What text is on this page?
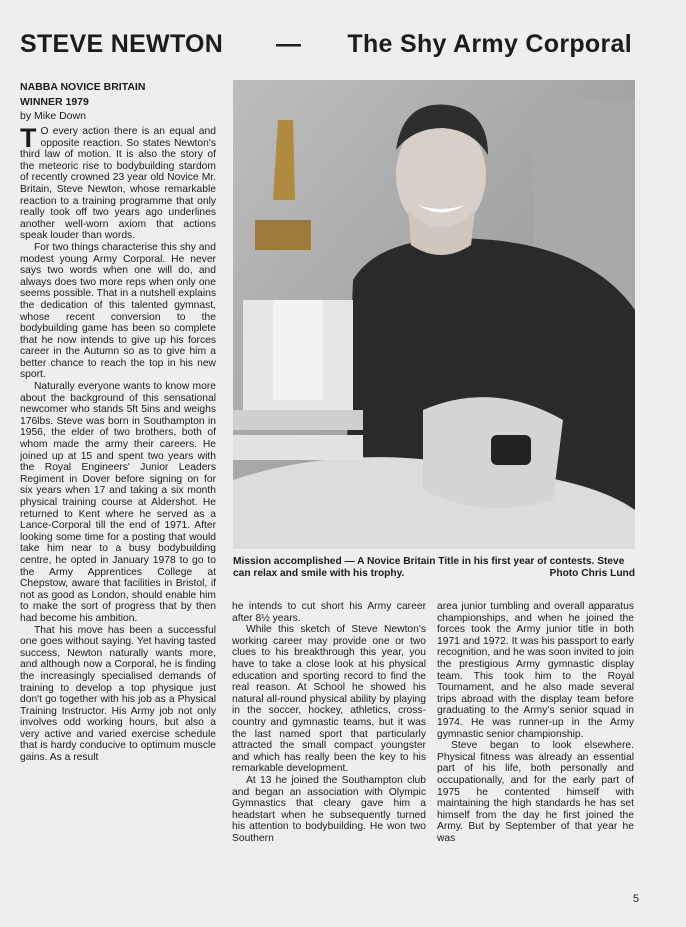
STEVE NEWTON — The Shy Army Corporal
NABBA NOVICE BRITAIN
WINNER 1979
by Mike Down

T O every action there is an equal and opposite reaction. So states Newton's third law of motion. It is also the story of the meteoric rise to bodybuilding stardom of recently crowned 23 year old Novice Mr. Britain, Steve Newton, whose remarkable reaction to a training programme that only really took off two years ago underlines another well-worn axiom that actions speak louder than words.

For two things characterise this shy and modest young Army Corporal. He never says two words when one will do, and always does two more reps when only one seems possible. That in a nutshell explains the dedication of this talented gymnast, whose recent conversion to the bodybuilding game has been so complete that he now intends to give up his forces career in the Autumn so as to give him a better chance to reach the top in his new sport.

Naturally everyone wants to know more about the background of this sensational newcomer who stands 5ft 5ins and weighs 176lbs. Steve was born in Southampton in 1956, the elder of two brothers, both of whom made the army their careers. He joined up at 15 and spent two years with the Royal Engineers' Junior Leaders Regiment in Dover before signing on for six years when 17 and taking a six month physical training course at Aldershot. He returned to Kent where he served as a Lance-Corporal till the end of 1971. After looking some time for a posting that would take him near to a busy bodybuilding centre, he opted in January 1978 to go to the Army Apprentices College at Chepstow, aware that facilities in Bristol, if not as good as London, should enable him to make the sort of progress that by then had become his ambition.

That his move has been a successful one goes without saying. Yet having tasted success, Newton naturally wants more, and although now a Corporal, he is finding the increasingly specialised demands of training to develop a top physique just don't go together with his job as a Physical Training Instructor. His Army job not only involves odd working hours, but also a very active and varied exercise schedule that is hardy conducive to optimum muscle gains. As a result

Mission accomplished — A Novice Britain Title in his first year of contests. Steve can relax and smile with his trophy.	Photo Chris Lund

he intends to cut short his Army career after 8½ years.

While this sketch of Steve Newton's working career may provide one or two clues to his breakthrough this year, you have to take a close look at his physical education and sporting record to find the real reason. At School he showed his natural all-round physical ability by playing in the soccer, hockey, athletics, cross-country and gymnastic teams, but it was the last named sport that particularly attracted the small compact youngster and which has really been the key to his remarkable development.

At 13 he joined the Southampton club and began an association with Olympic Gymnastics that cleary gave him a headstart when he subsequently turned his attention to bodybuilding. He won two Southern

area junior tumbling and overall apparatus championships, and when he joined the forces took the Army junior title in both 1971 and 1972. It was his passport to early recognition, and he was soon invited to join the prestigious Army gymnastic display team. This took him to the Royal Tournament, and he also made several trips abroad with the display team before graduating to the Army's senior squad in 1974. He was runner-up in the Army gymnastic senior championship.

Steve began to look elsewhere. Physical fitness was already an essential part of his life, both personally and occupationally, and for the early part of 1975 he contented himself with maintaining the high standards he has set himself from the day he first joined the Army. But by September of that year he was

5
